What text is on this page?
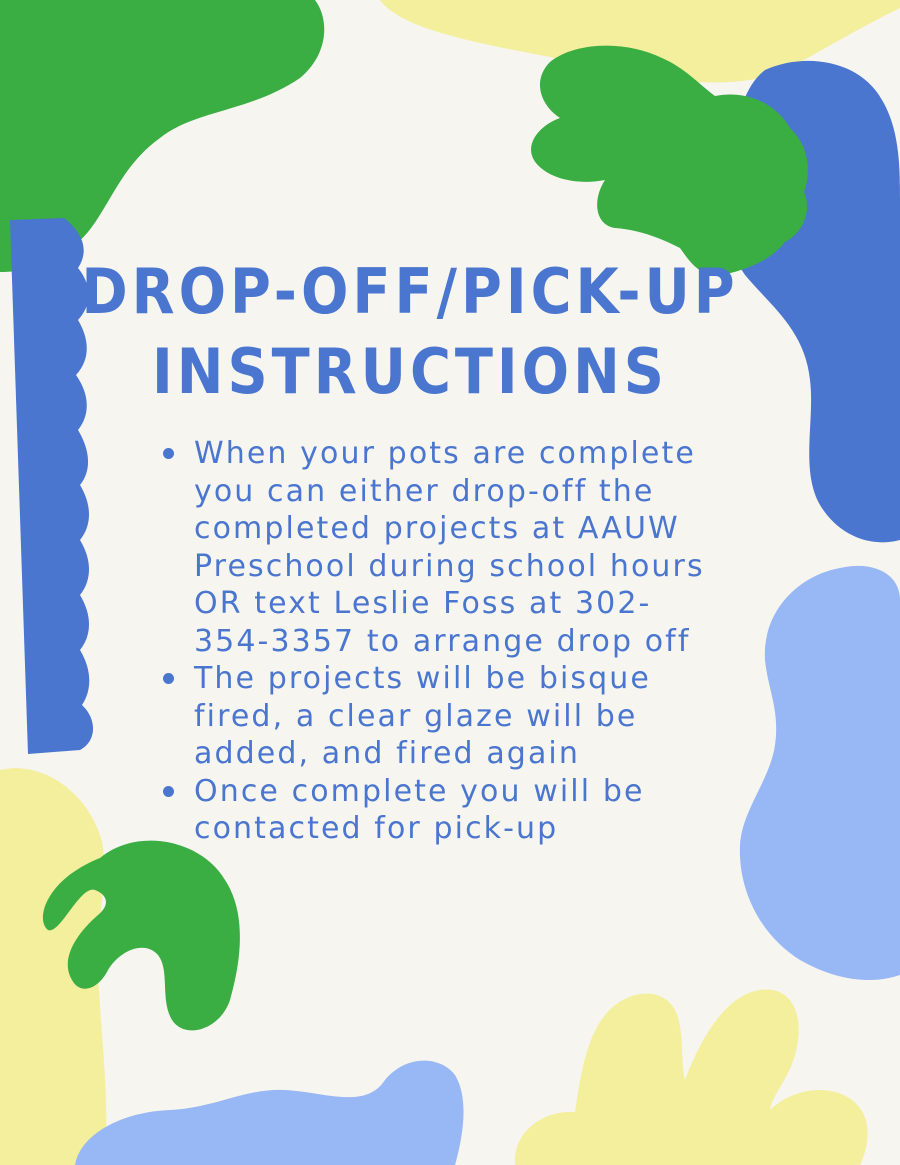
DROP-OFF/PICK-UP
INSTRUCTIONS
When your pots are complete
you can either drop-off the
completed projects at AAUW
Preschool during school hours
OR text Leslie Foss at 302-
354-3357 to arrange drop off
The projects will be bisque
fired, a clear glaze will be
added, and fired again
Once complete you will be
contacted for pick-up
